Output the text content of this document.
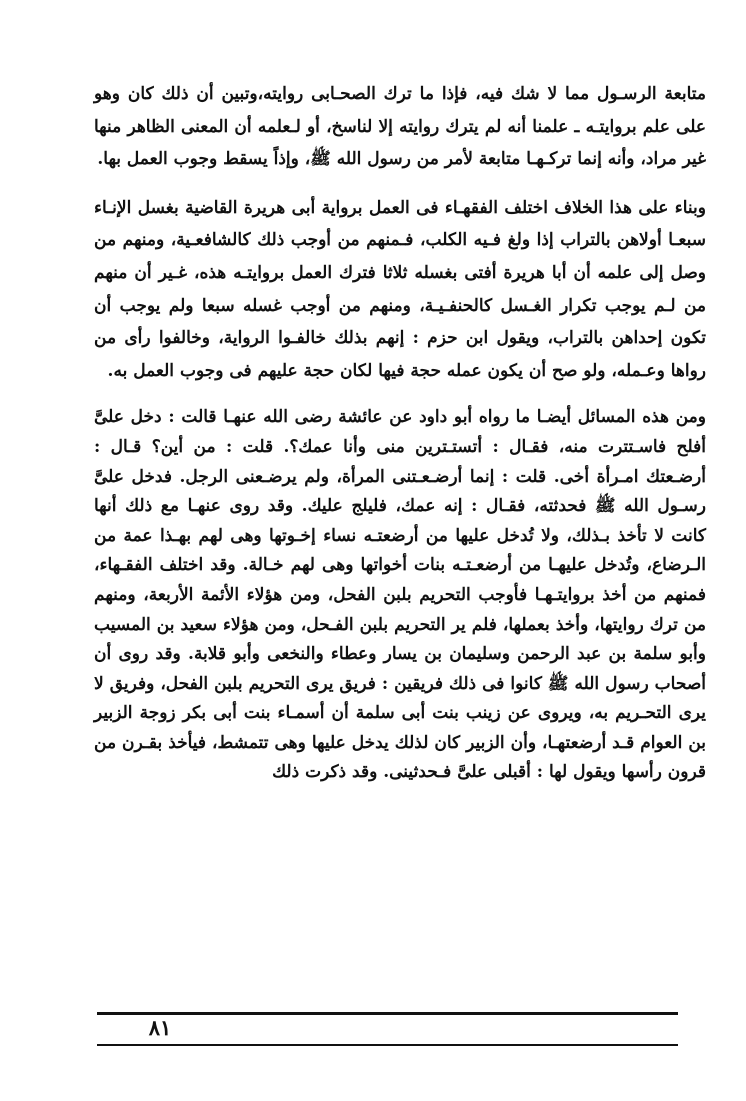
متابعة الرسـول مما لا شك فيه، فإذا ما ترك الصحـابى روايته،وتبين أن ذلك كان وهو على علم بروايتـه ـ علمنا أنه لم يترك روايته إلا لناسخ، أو لـعلمه أن المعنى الظاهر منها غير مراد، وأنه إنما تركـهـا متابعة لأمر من رسول الله ﷺ، وإذاً يسقط وجوب العمل بها.

وبناء على هذا الخلاف اختلف الفقهـاء فى العمل برواية أبى هريرة القاضية بغسل الإنـاء سبعـا أولاهن بالتراب إذا ولغ فـيه الكلب، فـمنهم من أوجب ذلك كالشافعـية، ومنهم من وصل إلى علمه أن أبا هريرة أفتى بغسله ثلاثا فترك العمل بروايتـه هذه، غـير أن منهم من لـم يوجب تكرار الغـسل كالحنفـيـة، ومنهم من أوجب غسله سبعا ولم يوجب أن تكون إحداهن بالتراب، ويقول ابن حزم : إنهم بذلك خالفـوا الرواية، وخالفوا رأى من رواها وعـمله، ولو صح أن يكون عمله حجة فيها لكان حجة عليهم فى وجوب العمل به.

ومن هذه المسائل أيضـا ما رواه أبو داود عن عائشة رضى الله عنهـا قالت : دخل علىَّ أفلح فاسـتترت منه، فقـال : أتستـترين منى وأنا عمك؟. قلت : من أين؟ قـال : أرضـعتك امـرأة أخى. قلت : إنما أرضـعـتنى المرأة، ولم يرضـعنى الرجل. فدخل علىَّ رسـول الله ﷺ فحدثته، فقـال : إنه عمك، فليلج عليك. وقد روى عنهـا مع ذلك أنها كانت لا تأخذ بـذلك، ولا تُدخل عليها من أرضعتـه نساء إخـوتها وهى لهم بهـذا عمة من الـرضاع، وتُدخل عليهـا من أرضعـتـه بنات أخواتها وهى لهم خـالة. وقد اختلف الفقـهاء، فمنهم من أخذ بروايتـهـا فأوجب التحريم بلبن الفحل، ومن هؤلاء الأئمة الأربعة، ومنهم من ترك روايتها، وأخذ بعملها، فلم ير التحريم بلبن الفـحل، ومن هؤلاء سعيد بن المسيب وأبو سلمة بن عبد الرحمن وسليمان بن يسار وعطاء والنخعى وأبو قلابة. وقد روى أن أصحاب رسول الله ﷺ كانوا فى ذلك فريقين : فريق يرى التحريم بلبن الفحل، وفريق لا يرى التحـريم به، ويروى عن زينب بنت أبى سلمة أن أسمـاء بنت أبى بكر زوجة الزبير بن العوام قـد أرضعتهـا، وأن الزبير كان لذلك يدخل عليها وهى تتمشط، فيأخذ بقـرن من قرون رأسها ويقول لها : أقبلى علىَّ فـحدثينى. وقد ذكرت ذلك

٨١
